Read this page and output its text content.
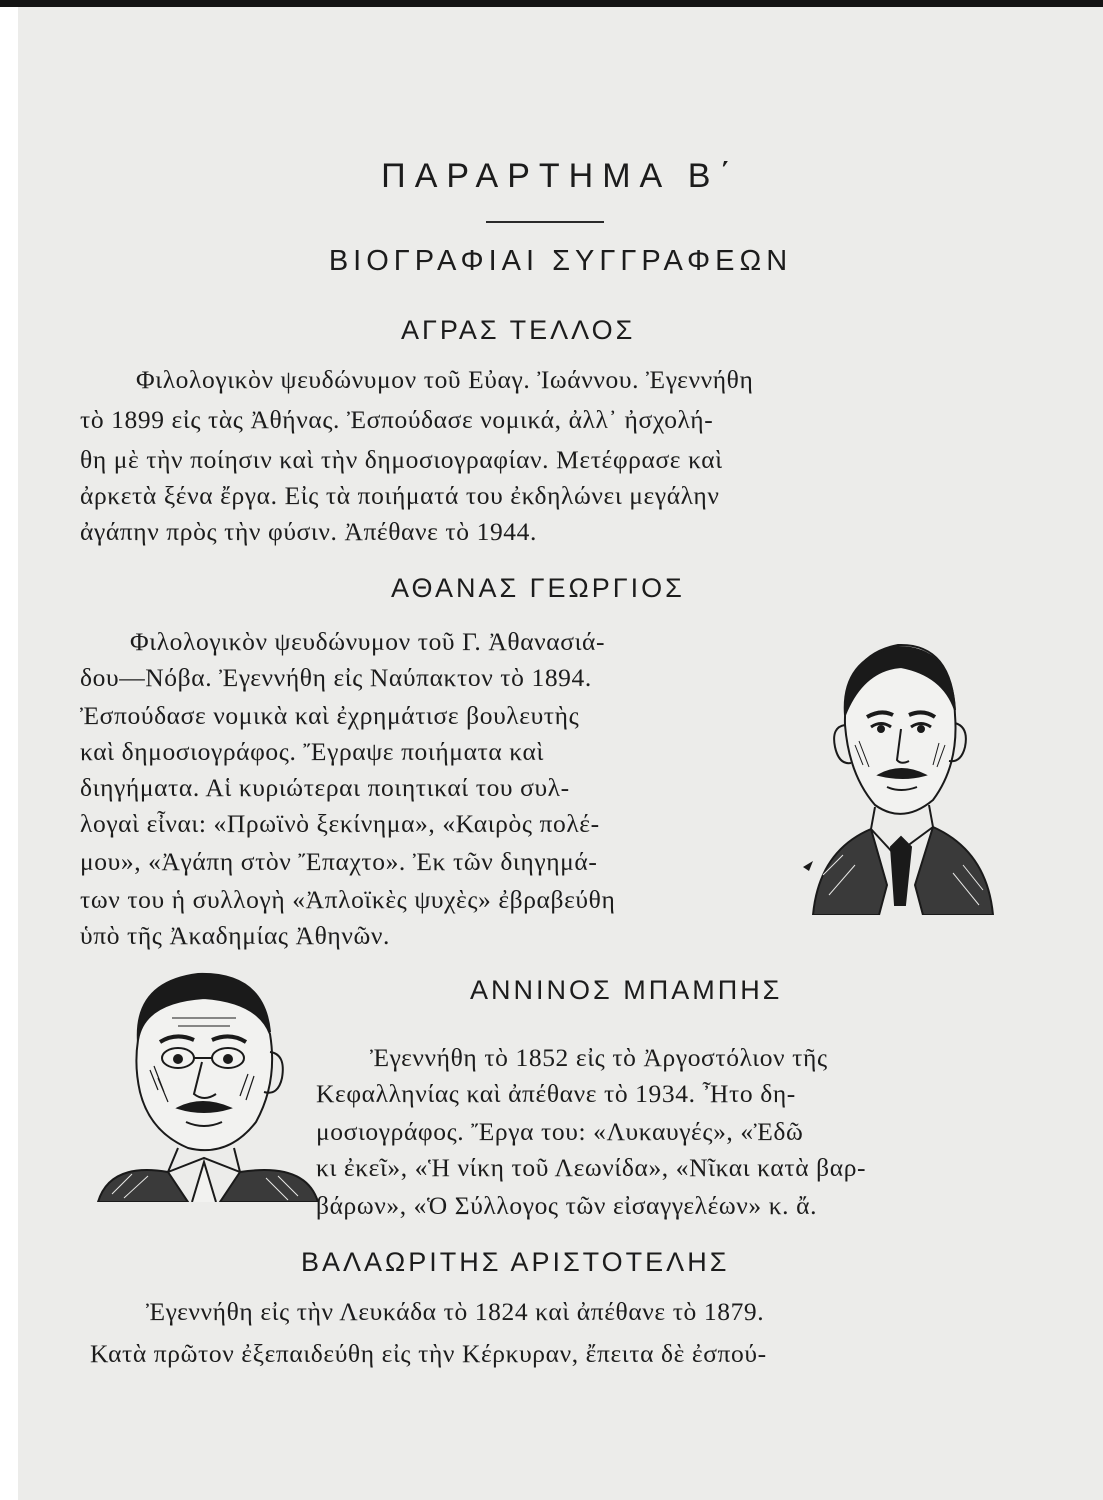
ΠΑΡΑΡΤΗΜΑ Β΄
ΒΙΟΓΡΑΦΙΑΙ ΣΥΓΓΡΑΦΕΩΝ
ΑΓΡΑΣ ΤΕΛΛΟΣ
Φιλολογικὸν ψευδώνυμον τοῦ Εὐαγ. Ἰωάννου. Ἐγεννήθη
τὸ 1899 εἰς τὰς Ἀθήνας. Ἐσπούδασε νομικά, ἀλλ᾽ ἠσχολή-
θη μὲ τὴν ποίησιν καὶ τὴν δημοσιογραφίαν. Μετέφρασε καὶ
ἀρκετὰ ξένα ἔργα. Εἰς τὰ ποιήματά του ἐκδηλώνει μεγάλην
ἀγάπην πρὸς τὴν φύσιν. Ἀπέθανε τὸ 1944.
ΑΘΑΝΑΣ ΓΕΩΡΓΙΟΣ
Φιλολογικὸν ψευδώνυμον τοῦ Γ. Ἀθανασιά-
δου—Νόβα. Ἐγεννήθη εἰς Ναύπακτον τὸ 1894.
Ἐσπούδασε νομικὰ καὶ ἐχρημάτισε βουλευτὴς
καὶ δημοσιογράφος. Ἔγραψε ποιήματα καὶ
διηγήματα. Αἱ κυριώτεραι ποιητικαί του συλ-
λογαὶ εἶναι: «Πρωϊνὸ ξεκίνημα», «Καιρὸς πολέ-
μου», «Ἀγάπη στὸν Ἔπαχτο». Ἐκ τῶν διηγημά-
των του ἡ συλλογὴ «Ἀπλοϊκὲς ψυχὲς» ἐβραβεύθη
ὑπὸ τῆς Ἀκαδημίας Ἀθηνῶν.
ΑΝΝΙΝΟΣ ΜΠΑΜΠΗΣ
Ἐγεννήθη τὸ 1852 εἰς τὸ Ἀργοστόλιον τῆς
Κεφαλληνίας καὶ ἀπέθανε τὸ 1934. Ἦτο δη-
μοσιογράφος. Ἔργα του: «Λυκαυγές», «Ἐδῶ
κι ἐκεῖ», «Ἡ νίκη τοῦ Λεωνίδα», «Νῖκαι κατὰ βαρ-
βάρων», «Ὁ Σύλλογος τῶν εἰσαγγελέων» κ. ἄ.
ΒΑΛΑΩΡΙΤΗΣ ΑΡΙΣΤΟΤΕΛΗΣ
Ἐγεννήθη εἰς τὴν Λευκάδα τὸ 1824 καὶ ἀπέθανε τὸ 1879.
Κατὰ πρῶτον ἐξεπαιδεύθη εἰς τὴν Κέρκυραν, ἔπειτα δὲ ἐσπού-
